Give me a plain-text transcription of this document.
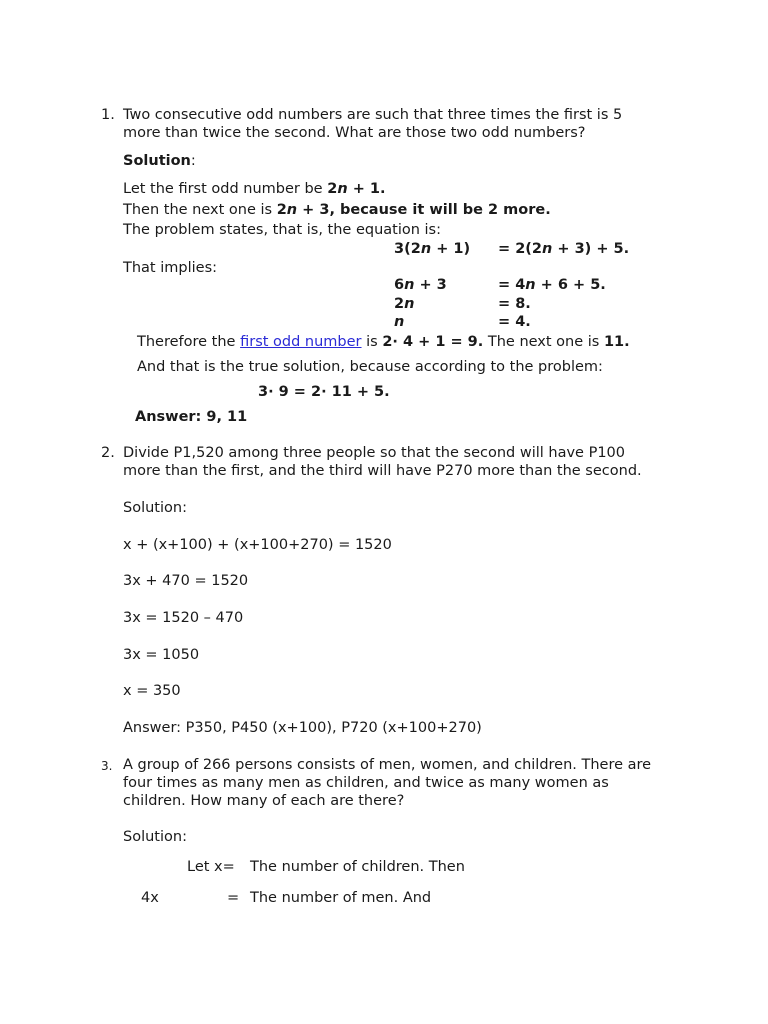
1. Two consecutive odd numbers are such that three times the first is 5
more than twice the second. What are those two odd numbers?
Solution:
Let the first odd number be 2n + 1.
Then the next one is 2n + 3, because it will be 2 more.
The problem states, that is, the equation is:
3(2n + 1) = 2(2n + 3) + 5.
That implies:
6n + 3	= 4n + 6 + 5.
2n	= 8.
n	= 4.
Therefore the first odd number is 2· 4 + 1 = 9. The next one is 11.
And that is the true solution, because according to the problem:
3· 9 = 2· 11 + 5.
Answer: 9, 11
2. Divide P1,520 among three people so that the second will have P100
more than the first, and the third will have P270 more than the second.
Solution:
x + (x+100) + (x+100+270) = 1520
3x + 470 = 1520
3x = 1520 – 470
3x = 1050
x = 350
Answer: P350, P450 (x+100), P720 (x+100+270)
3. A group of 266 persons consists of men, women, and children. There are
four times as many men as children, and twice as many women as
children. How many of each are there?
Solution:
Let x= The number of children. Then
4x	= The number of men. And
